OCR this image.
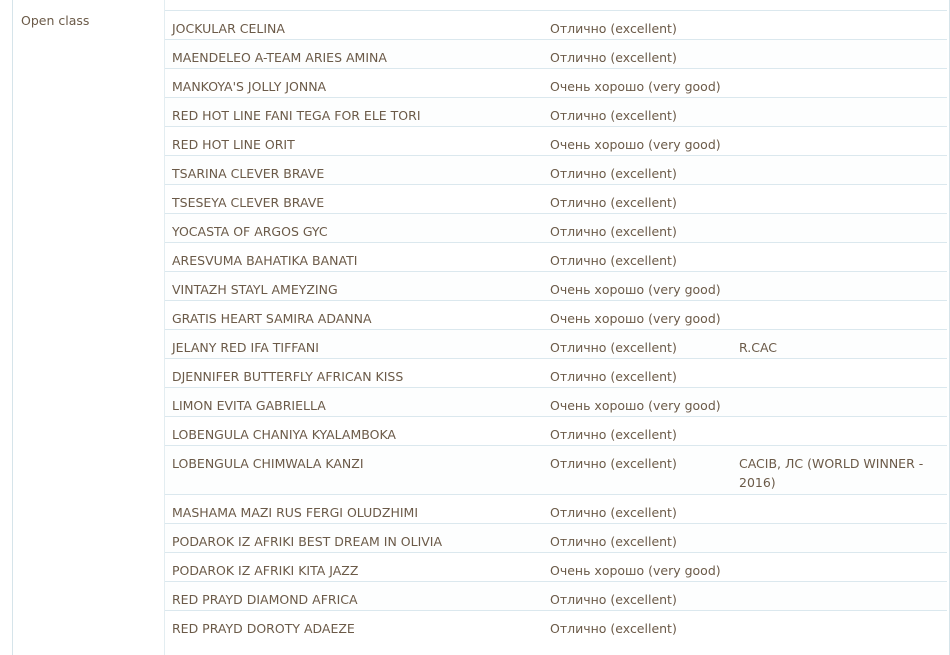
Open class
JOCKULAR CELINA	Отлично (excellent)
MAENDELEO A-TEAM ARIES AMINA	Отлично (excellent)
MANKOYA'S JOLLY JONNA	Очень хорошо (very good)
RED HOT LINE FANI TEGA FOR ELE TORI	Отлично (excellent)
RED HOT LINE ORIT	Очень хорошо (very good)
TSARINA CLEVER BRAVE	Отлично (excellent)
TSESEYA CLEVER BRAVE	Отлично (excellent)
YOCASTA OF ARGOS GYC	Отлично (excellent)
ARESVUMA BAHATIKA BANATI	Отлично (excellent)
VINTAZH STAYL AMEYZING	Очень хорошо (very good)
GRATIS HEART SAMIRA ADANNA	Очень хорошо (very good)
JELANY RED IFA TIFFANI	Отлично (excellent)	R.CAC
DJENNIFER BUTTERFLY AFRICAN KISS	Отлично (excellent)
LIMON EVITA GABRIELLA	Очень хорошо (very good)
LOBENGULA CHANIYA KYALAMBOKA	Отлично (excellent)
LOBENGULA CHIMWALA KANZI	Отлично (excellent)	CACIB, ЛС (WORLD WINNER - 2016)
MASHAMA MAZI RUS FERGI OLUDZHIMI	Отлично (excellent)
PODAROK IZ AFRIKI BEST DREAM IN OLIVIA	Отлично (excellent)
PODAROK IZ AFRIKI KITA JAZZ	Очень хорошо (very good)
RED PRAYD DIAMOND AFRICA	Отлично (excellent)
RED PRAYD DOROTY ADAEZE	Отлично (excellent)
